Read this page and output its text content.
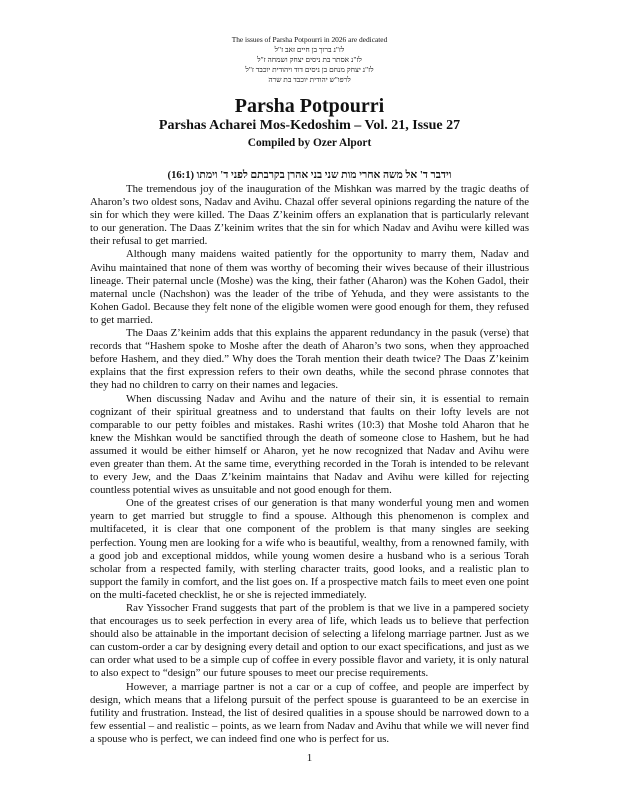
The issues of Parsha Potpourri in 2026 are dedicated
לז"נ ברוך בן חיים זאב ז"ל
לז"נ אסתר בת ניסים יצחק ושמחה ז"ל
לז"נ יצחק מנחם בן ניסים דוד ויהודית יוכבד ז"ל
לרפו"ש יהודית יוכבד בת שרה
Parsha Potpourri
Parshas Acharei Mos-Kedoshim – Vol. 21, Issue 27
Compiled by Ozer Alport
וידבר ד' אל משה אחרי מות שני בני אהרן בקרבתם לפני ד' וימתו (16:1)

The tremendous joy of the inauguration of the Mishkan was marred by the tragic deaths of Aharon’s two oldest sons, Nadav and Avihu. Chazal offer several opinions regarding the nature of the sin for which they were killed. The Daas Z’keinim offers an explanation that is particularly relevant to our generation. The Daas Z’keinim writes that the sin for which Nadav and Avihu were killed was their refusal to get married.

Although many maidens waited patiently for the opportunity to marry them, Nadav and Avihu maintained that none of them was worthy of becoming their wives because of their illustrious lineage. Their paternal uncle (Moshe) was the king, their father (Aharon) was the Kohen Gadol, their maternal uncle (Nachshon) was the leader of the tribe of Yehuda, and they were assistants to the Kohen Gadol. Because they felt none of the eligible women were good enough for them, they refused to get married.

The Daas Z’keinim adds that this explains the apparent redundancy in the pasuk (verse) that records that “Hashem spoke to Moshe after the death of Aharon’s two sons, when they approached before Hashem, and they died.” Why does the Torah mention their death twice? The Daas Z’keinim explains that the first expression refers to their own deaths, while the second phrase connotes that they had no children to carry on their names and legacies.

When discussing Nadav and Avihu and the nature of their sin, it is essential to remain cognizant of their spiritual greatness and to understand that faults on their lofty levels are not comparable to our petty foibles and mistakes. Rashi writes (10:3) that Moshe told Aharon that he knew the Mishkan would be sanctified through the death of someone close to Hashem, but he had assumed it would be either himself or Aharon, yet he now recognized that Nadav and Avihu were even greater than them. At the same time, everything recorded in the Torah is intended to be relevant to every Jew, and the Daas Z’keinim maintains that Nadav and Avihu were killed for rejecting countless potential wives as unsuitable and not good enough for them.

One of the greatest crises of our generation is that many wonderful young men and women yearn to get married but struggle to find a spouse. Although this phenomenon is complex and multifaceted, it is clear that one component of the problem is that many singles are seeking perfection. Young men are looking for a wife who is beautiful, wealthy, from a renowned family, with a good job and exceptional middos, while young women desire a husband who is a serious Torah scholar from a respected family, with sterling character traits, good looks, and a realistic plan to support the family in comfort, and the list goes on. If a prospective match fails to meet even one point on the multi-faceted checklist, he or she is rejected immediately.

Rav Yissocher Frand suggests that part of the problem is that we live in a pampered society that encourages us to seek perfection in every area of life, which leads us to believe that perfection should also be attainable in the important decision of selecting a lifelong marriage partner. Just as we can custom-order a car by designing every detail and option to our exact specifications, and just as we can order what used to be a simple cup of coffee in every possible flavor and variety, it is only natural to also expect to “design” our future spouses to meet our precise requirements.

However, a marriage partner is not a car or a cup of coffee, and people are imperfect by design, which means that a lifelong pursuit of the perfect spouse is guaranteed to be an exercise in futility and frustration. Instead, the list of desired qualities in a spouse should be narrowed down to a few essential – and realistic – points, as we learn from Nadav and Avihu that while we will never find a spouse who is perfect, we can indeed find one who is perfect for us.

1
